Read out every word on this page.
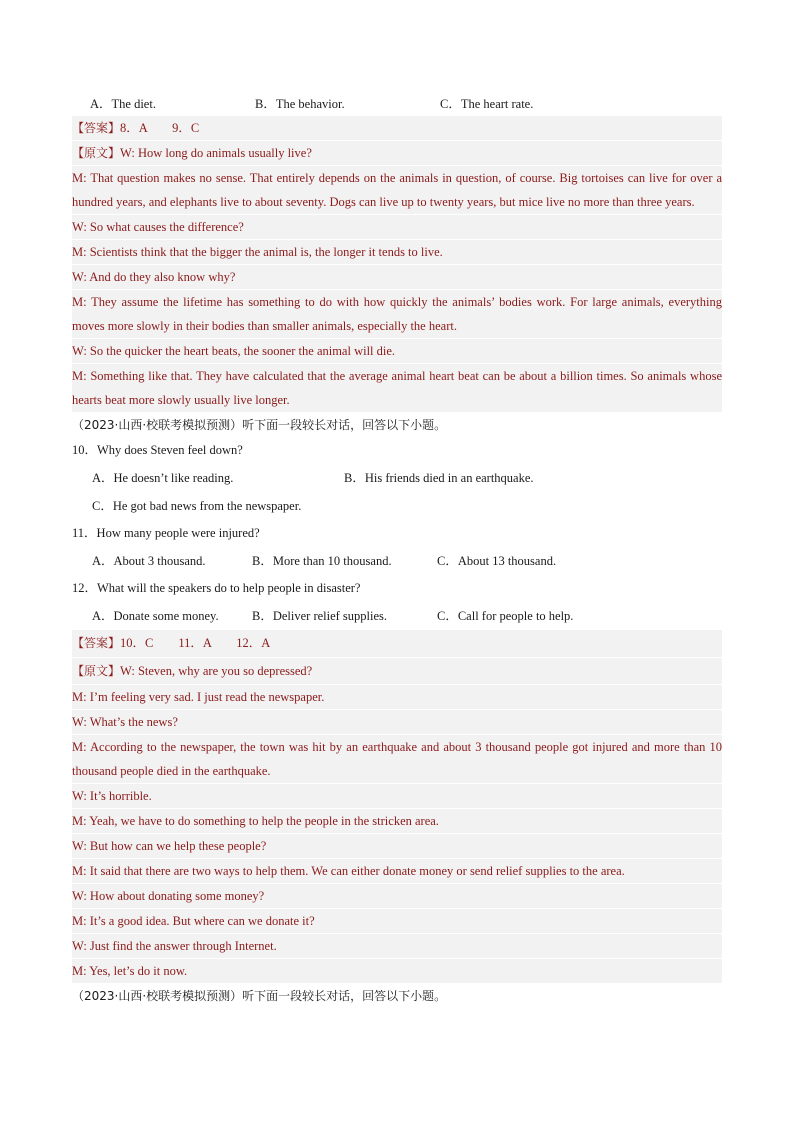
A．The diet.	B．The behavior.	C．The heart rate.
【答案】8．A　　9．C
【原文】W: How long do animals usually live?
M: That question makes no sense. That entirely depends on the animals in question, of course. Big tortoises can live for over a hundred years, and elephants live to about seventy. Dogs can live up to twenty years, but mice live no more than three years.
W: So what causes the difference?
M: Scientists think that the bigger the animal is, the longer it tends to live.
W: And do they also know why?
M: They assume the lifetime has something to do with how quickly the animals’ bodies work. For large animals, everything moves more slowly in their bodies than smaller animals, especially the heart.
W: So the quicker the heart beats, the sooner the animal will die.
M: Something like that. They have calculated that the average animal heart beat can be about a billion times. So animals whose hearts beat more slowly usually live longer.
（2023·山西·校联考模拟预测）听下面一段较长对话，回答以下小题。
10．Why does Steven feel down?
A．He doesn’t like reading.	B．His friends died in an earthquake.
C．He got bad news from the newspaper.
11．How many people were injured?
A．About 3 thousand.	B．More than 10 thousand.	C．About 13 thousand.
12．What will the speakers do to help people in disaster?
A．Donate some money.	B．Deliver relief supplies.	C．Call for people to help.
【答案】10．C　　11．A　　12．A
【原文】W: Steven, why are you so depressed?
M: I’m feeling very sad. I just read the newspaper.
W: What’s the news?
M: According to the newspaper, the town was hit by an earthquake and about 3 thousand people got injured and more than 10 thousand people died in the earthquake.
W: It’s horrible.
M: Yeah, we have to do something to help the people in the stricken area.
W: But how can we help these people?
M: It said that there are two ways to help them. We can either donate money or send relief supplies to the area.
W: How about donating some money?
M: It’s a good idea. But where can we donate it?
W: Just find the answer through Internet.
M: Yes, let’s do it now.
（2023·山西·校联考模拟预测）听下面一段较长对话，回答以下小题。
